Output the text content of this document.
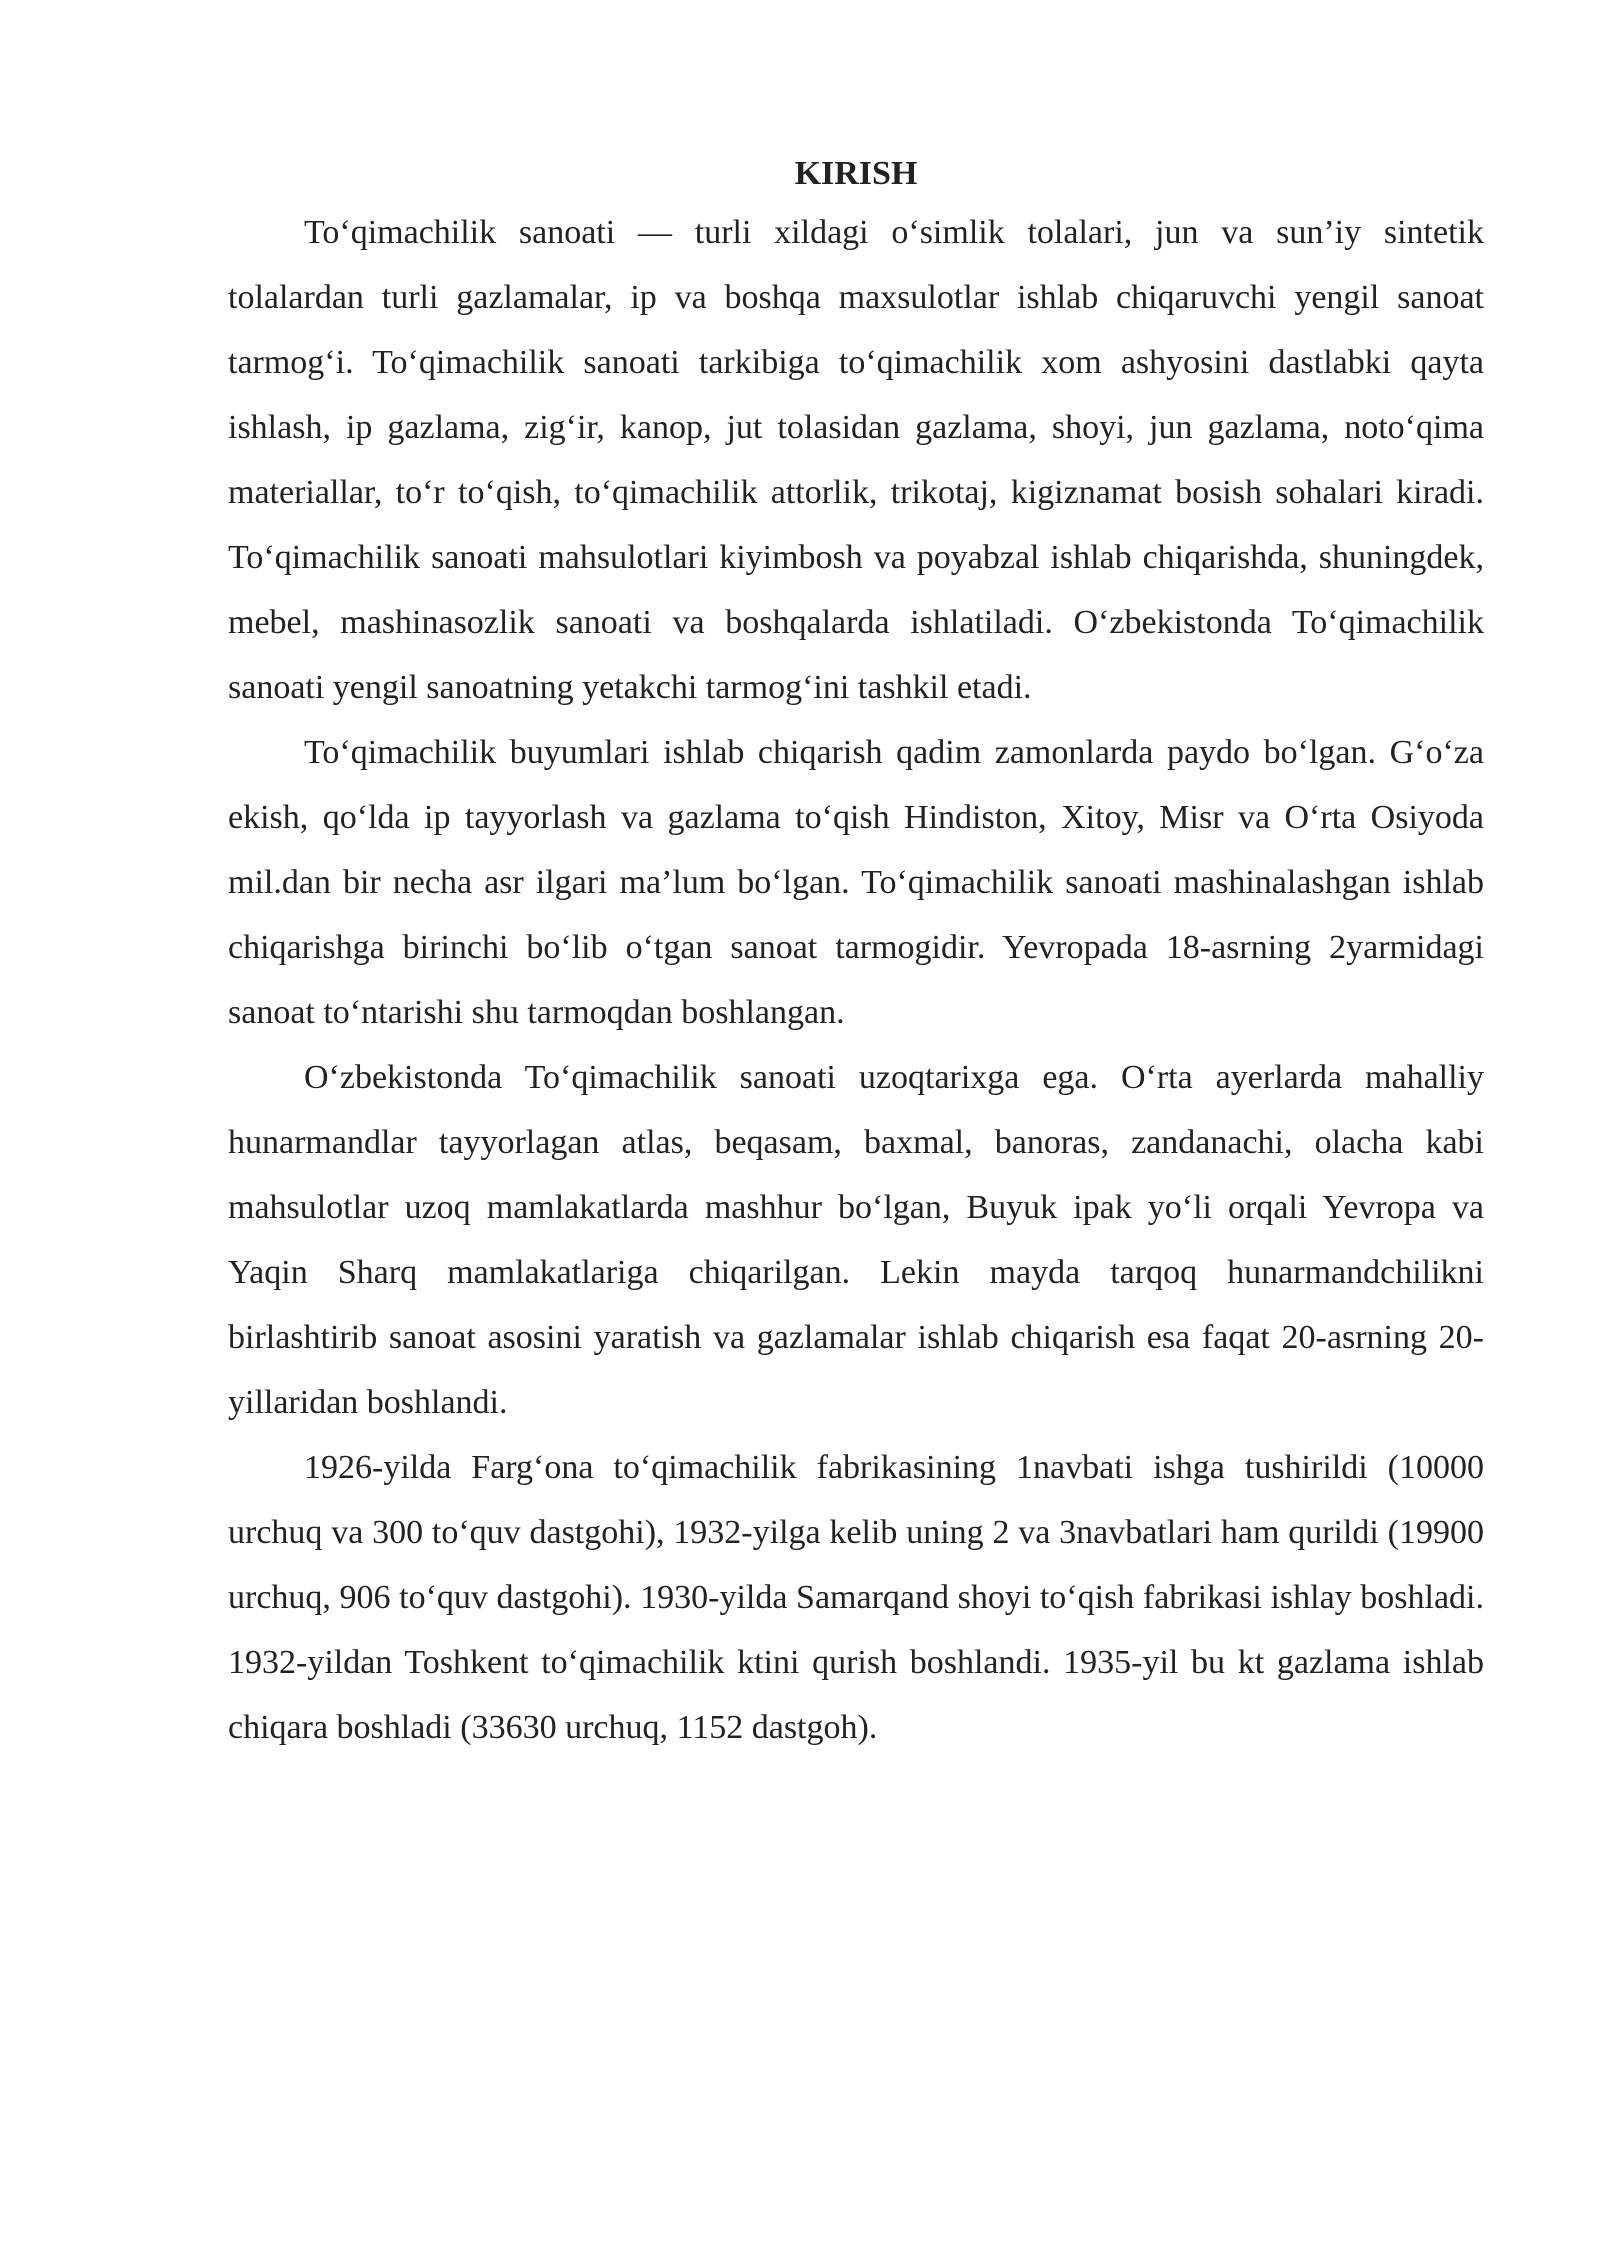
KIRISH

To‘qimachilik sanoati — turli xildagi o‘simlik tolalari, jun va sun’iy sintetik tolalardan turli gazlamalar, ip va boshqa maxsulotlar ishlab chiqaruvchi yengil sanoat tarmog‘i. To‘qimachilik sanoati tarkibiga to‘qimachilik xom ashyosini dastlabki qayta ishlash, ip gazlama, zig‘ir, kanop, jut tolasidan gazlama, shoyi, jun gazlama, noto‘qima materiallar, to‘r to‘qish, to‘qimachilik attorlik, trikotaj, kigiznamat bosish sohalari kiradi. To‘qimachilik sanoati mahsulotlari kiyimbosh va poyabzal ishlab chiqarishda, shuningdek, mebel, mashinasozlik sanoati va boshqalarda ishlatiladi. O‘zbekistonda To‘qimachilik sanoati yengil sanoatning yetakchi tarmog‘ini tashkil etadi.

To‘qimachilik buyumlari ishlab chiqarish qadim zamonlarda paydo bo‘lgan. G‘o‘za ekish, qo‘lda ip tayyorlash va gazlama to‘qish Hindiston, Xitoy, Misr va O‘rta Osiyoda mil.dan bir necha asr ilgari ma’lum bo‘lgan. To‘qimachilik sanoati mashinalashgan ishlab chiqarishga birinchi bo‘lib o‘tgan sanoat tarmogidir. Yevropada 18-asrning 2yarmidagi sanoat to‘ntarishi shu tarmoqdan boshlangan.

O‘zbekistonda To‘qimachilik sanoati uzoqtarixga ega. O‘rta ayerlarda mahalliy hunarmandlar tayyorlagan atlas, beqasam, baxmal, banoras, zandanachi, olacha kabi mahsulotlar uzoq mamlakatlarda mashhur bo‘lgan, Buyuk ipak yo‘li orqali Yevropa va Yaqin Sharq mamlakatlariga chiqarilgan. Lekin mayda tarqoq hunarmandchilikni birlashtirib sanoat asosini yaratish va gazlamalar ishlab chiqarish esa faqat 20-asrning 20-yillaridan boshlandi.

1926-yilda Farg‘ona to‘qimachilik fabrikasining 1navbati ishga tushirildi (10000 urchuq va 300 to‘quv dastgohi), 1932-yilga kelib uning 2 va 3navbatlari ham qurildi (19900 urchuq, 906 to‘quv dastgohi). 1930-yilda Samarqand shoyi to‘qish fabrikasi ishlay boshladi. 1932-yildan Toshkent to‘qimachilik ktini qurish boshlandi. 1935-yil bu kt gazlama ishlab chiqara boshladi (33630 urchuq, 1152 dastgoh).
